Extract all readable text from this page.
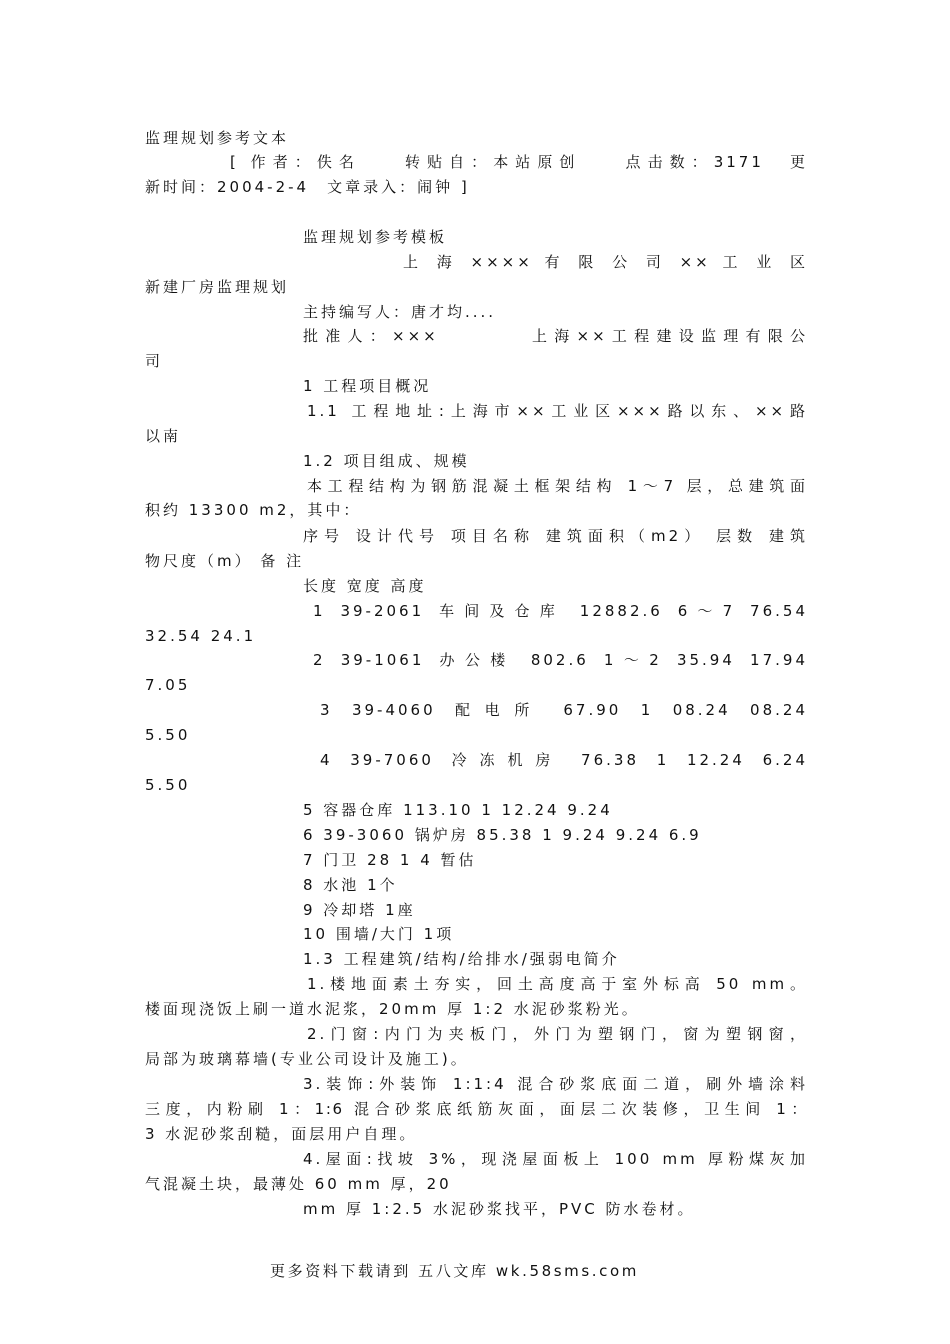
监理规划参考文本

[ 作者：佚名　　转贴自：本站原创　　点击数：3171　更

新时间：2004-2-4　文章录入：闹钟 ]

监理规划参考模板

上 海 ×××× 有 限 公 司 ×× 工 业 区

新建厂房监理规划

主持编写人：唐才均....

批准人：×××　　　　上海××工程建设监理有限公

司

1 工程项目概况

1.1 工程地址:上海市××工业区×××路以东、××路

以南

1.2 项目组成、规模

本工程结构为钢筋混凝土框架结构 1～7 层，总建筑面

积约 13300 m2，其中：

序号 设计代号 项目名称 建筑面积（m2） 层数 建筑

物尺度（m） 备 注

长度 宽度 高度

1 39-2061 车间及仓库 12882.6 6～7 76.54

32.54 24.1

2 39-1061 办公楼 802.6 1～2 35.94 17.94

7.05

3 39-4060 配电所 67.90 1 08.24 08.24

5.50

4 39-7060 冷冻机房 76.38 1 12.24 6.24

5.50

5 容器仓库 113.10 1 12.24 9.24

6 39-3060 锅炉房 85.38 1 9.24 9.24 6.9

7 门卫 28 1 4 暂估

8 水池 1个

9 冷却塔 1座

10 围墙/大门 1项

1.3 工程建筑/结构/给排水/强弱电简介

1.楼地面素土夯实，回土高度高于室外标高 50 mm。

楼面现浇饭上刷一道水泥浆，20mm 厚 1:2 水泥砂浆粉光。

2.门窗:内门为夹板门，外门为塑钢门，窗为塑钢窗，

局部为玻璃幕墙(专业公司设计及施工)。

3.装饰:外装饰 1:1:4 混合砂浆底面二道，刷外墙涂料

三度，内粉刷 1：1:6 混合砂浆底纸筋灰面，面层二次装修，卫生间 1：

3 水泥砂浆刮糙，面层用户自理。

4.屋面:找坡 3%，现浇屋面板上 100 mm 厚粉煤灰加

气混凝土块，最薄处 60 mm 厚，20

mm 厚 1:2.5 水泥砂浆找平，PVC 防水卷材。

更多资料下载请到 五八文库 wk.58sms.com
